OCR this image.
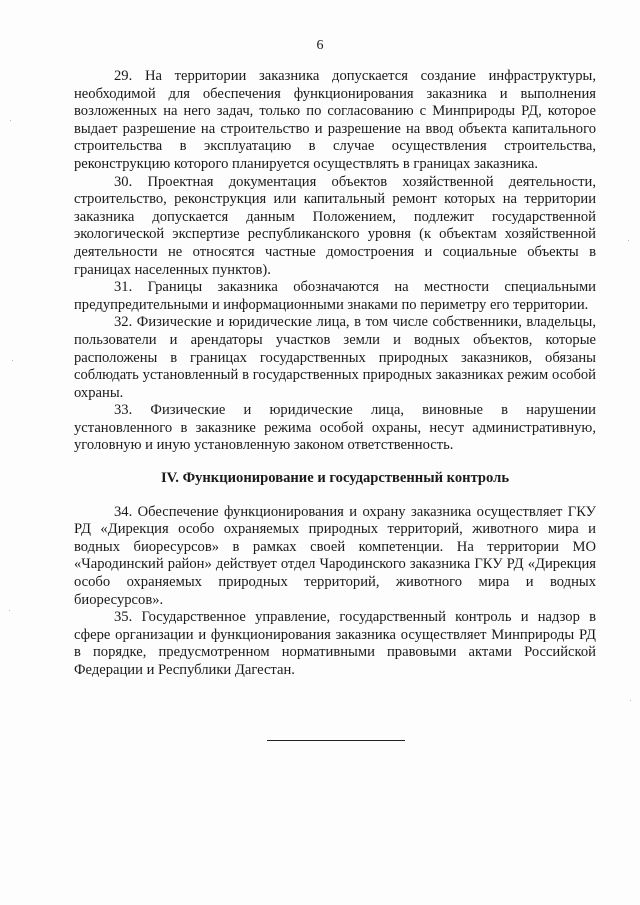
6

29. На территории заказника допускается создание инфраструктуры, необходимой для обеспечения функционирования заказника и выполнения возложенных на него задач, только по согласованию с Минприроды РД, которое выдает разрешение на строительство и разрешение на ввод объекта капитального строительства в эксплуатацию в случае осуществления строительства, реконструкцию которого планируется осуществлять в границах заказника.

30. Проектная документация объектов хозяйственной деятельности, строительство, реконструкция или капитальный ремонт которых на территории заказника допускается данным Положением, подлежит государственной экологической экспертизе республиканского уровня (к объектам хозяйственной деятельности не относятся частные домостроения и социальные объекты в границах населенных пунктов).

31. Границы заказника обозначаются на местности специальными предупредительными и информационными знаками по периметру его территории.

32. Физические и юридические лица, в том числе собственники, владельцы, пользователи и арендаторы участков земли и водных объектов, которые расположены в границах государственных природных заказников, обязаны соблюдать установленный в государственных природных заказниках режим особой охраны.

33. Физические и юридические лица, виновные в нарушении установленного в заказнике режима особой охраны, несут административную, уголовную и иную установленную законом ответственность.

IV. Функционирование и государственный контроль

34. Обеспечение функционирования и охрану заказника осуществляет ГКУ РД «Дирекция особо охраняемых природных территорий, животного мира и водных биоресурсов» в рамках своей компетенции. На территории МО «Чародинский район» действует отдел Чародинского заказника ГКУ РД «Дирекция особо охраняемых природных территорий, животного мира и водных биоресурсов».

35. Государственное управление, государственный контроль и надзор в сфере организации и функционирования заказника осуществляет Минприроды РД в порядке, предусмотренном нормативными правовыми актами Российской Федерации и Республики Дагестан.
